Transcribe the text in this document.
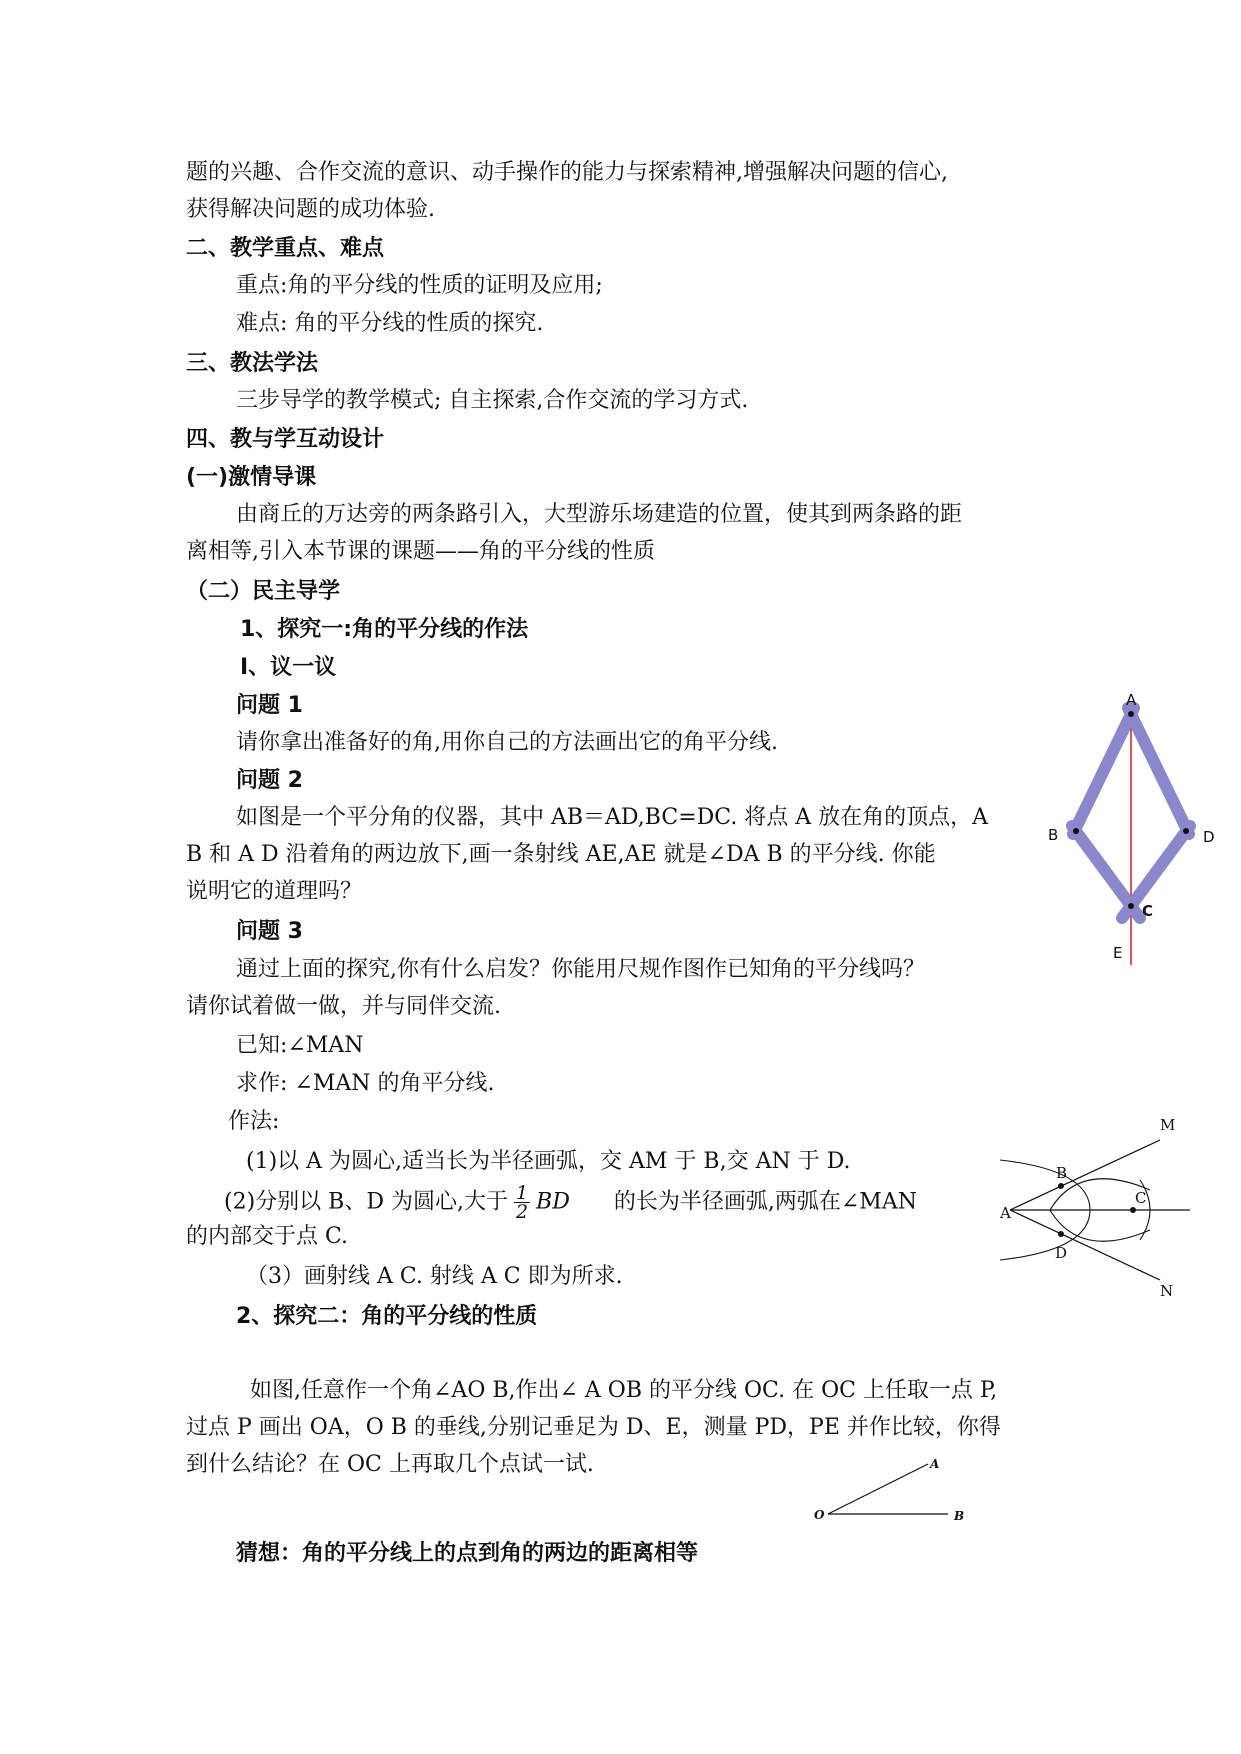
题的兴趣、合作交流的意识、动手操作的能力与探索精神,增强解决问题的信心,
获得解决问题的成功体验.
二、教学重点、难点
重点:角的平分线的性质的证明及应用;
难点: 角的平分线的性质的探究.
三、教法学法
三步导学的教学模式; 自主探索,合作交流的学习方式.
四、教与学互动设计
(一)激情导课
由商丘的万达旁的两条路引入，大型游乐场建造的位置，使其到两条路的距
离相等,引入本节课的课题——角的平分线的性质
（二）民主导学
1、探究一:角的平分线的作法
Ⅰ、议一议
问题 1
请你拿出准备好的角,用你自己的方法画出它的角平分线.
问题 2
如图是一个平分角的仪器，其中 AB＝AD,BC=DC. 将点 A 放在角的顶点，A
B 和 A D 沿着角的两边放下,画一条射线 AE,AE 就是∠DA B 的平分线. 你能
说明它的道理吗？
问题 3
通过上面的探究,你有什么启发？你能用尺规作图作已知角的平分线吗？
请你试着做一做，并与同伴交流.
已知:∠MAN
求作: ∠MAN 的角平分线.
作法:
(1)以 A 为圆心,适当长为半径画弧，交 AM 于 B,交 AN 于 D.
(2)分别以 B、D 为圆心,大于 $\frac{1}{2}$ BD 的长为半径画弧,两弧在∠MAN
的内部交于点 C.
（3）画射线 A C. 射线 A C 即为所求.
2、探究二：角的平分线的性质
如图,任意作一个角∠AO B,作出∠ A OB 的平分线 OC. 在 OC 上任取一点 P,
过点 P 画出 OA，O B 的垂线,分别记垂足为 D、E，测量 PD，PE 并作比较，你得
到什么结论？在 OC 上再取几个点试一试.
猜想：角的平分线上的点到角的两边的距离相等
A
B	D
C
E
M
B
C
A
D
N
O
A
B
